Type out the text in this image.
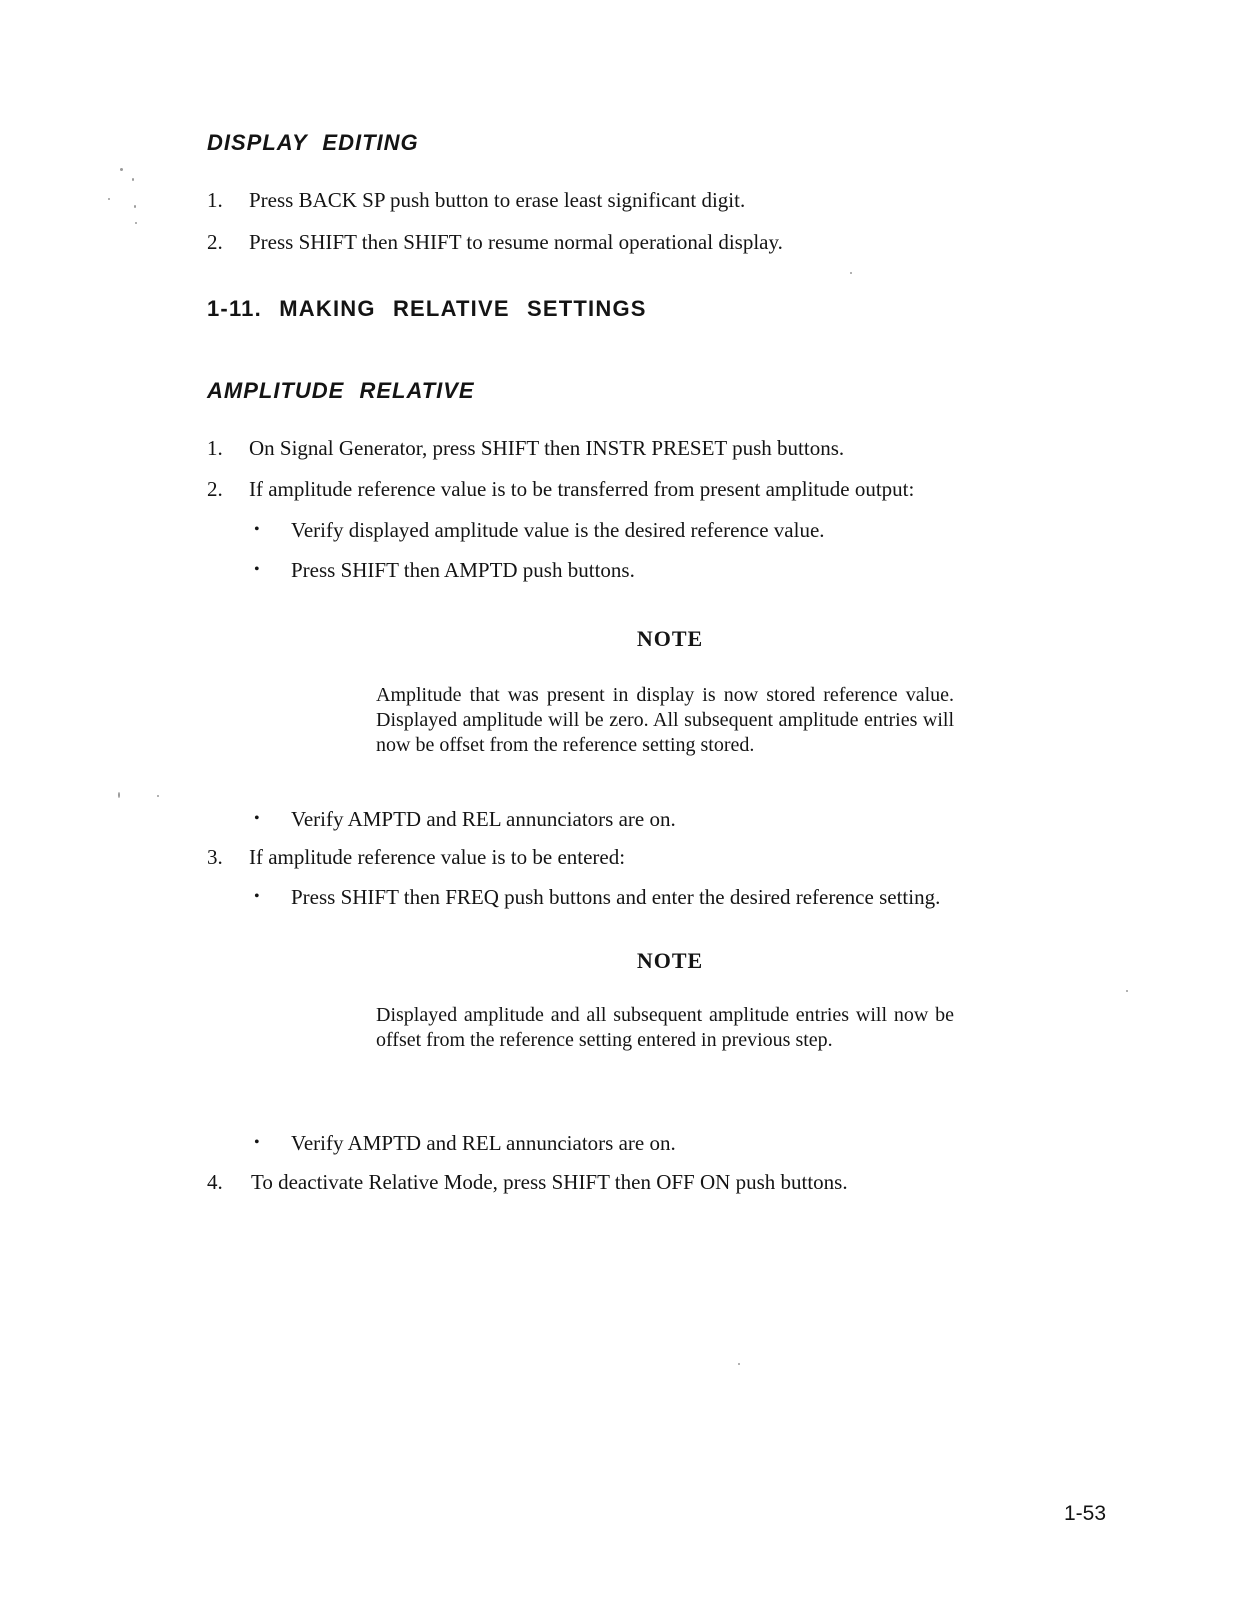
DISPLAY EDITING
1.	Press BACK SP push button to erase least significant digit.
2.	Press SHIFT then SHIFT to resume normal operational display.
1-11. MAKING RELATIVE SETTINGS
AMPLITUDE RELATIVE
1.	On Signal Generator, press SHIFT then INSTR PRESET push buttons.
2.	If amplitude reference value is to be transferred from present amplitude output:
• Verify displayed amplitude value is the desired reference value.
• Press SHIFT then AMPTD push buttons.
NOTE
Amplitude that was present in display is now stored reference value. Displayed amplitude will be zero. All subsequent amplitude entries will now be offset from the reference setting stored.
• Verify AMPTD and REL annunciators are on.
3.	If amplitude reference value is to be entered:
• Press SHIFT then FREQ push buttons and enter the desired reference setting.
NOTE
Displayed amplitude and all subsequent amplitude entries will now be offset from the reference setting entered in previous step.
• Verify AMPTD and REL annunciators are on.
4.	To deactivate Relative Mode, press SHIFT then OFF ON push buttons.
1-53
